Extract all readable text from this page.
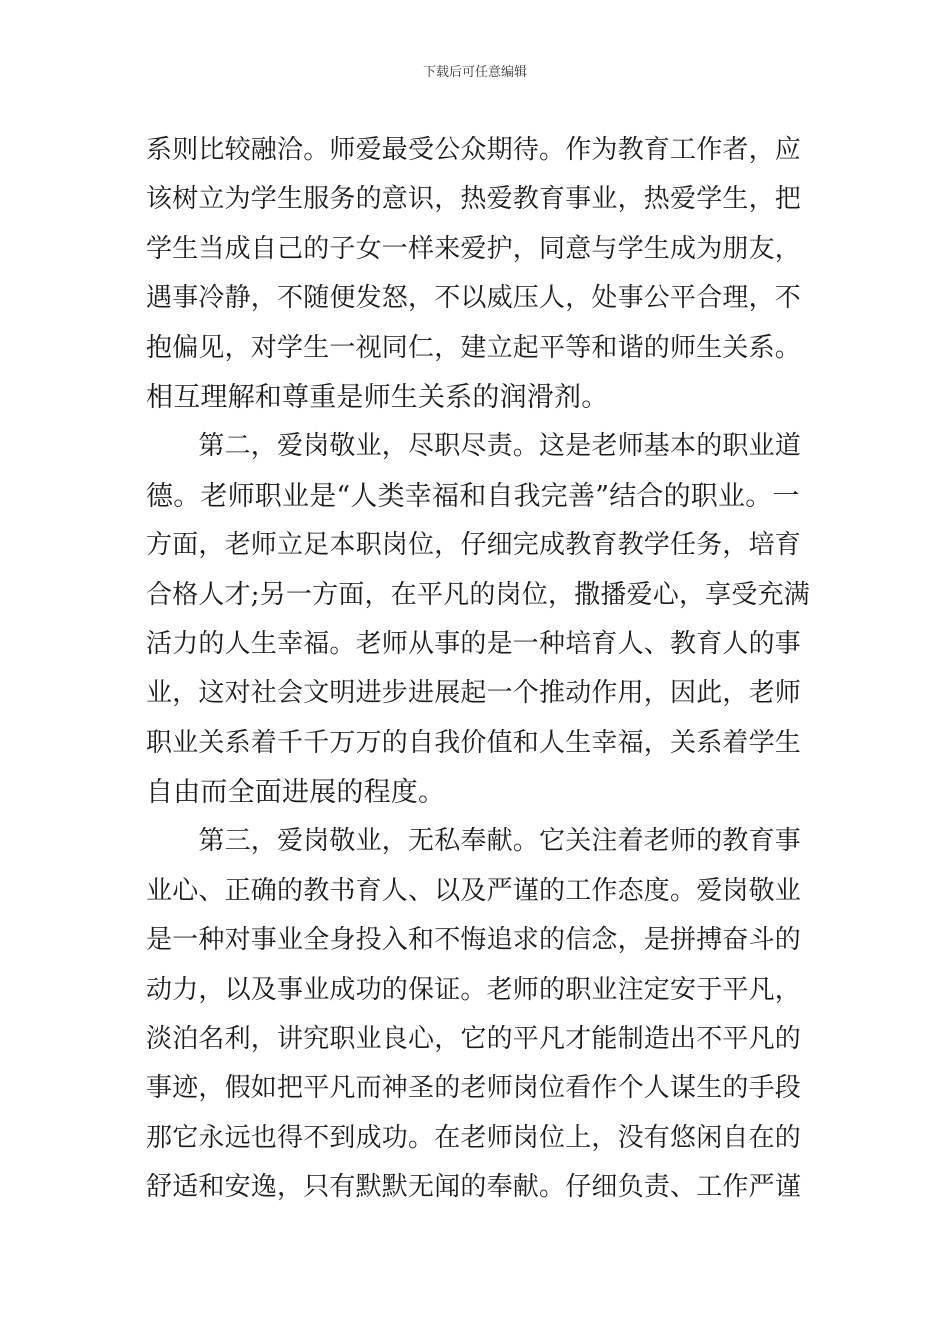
下载后可任意编辑
系则比较融洽。师爱最受公众期待。作为教育工作者，应
该树立为学生服务的意识，热爱教育事业，热爱学生，把
学生当成自己的子女一样来爱护，同意与学生成为朋友，
遇事冷静，不随便发怒，不以威压人，处事公平合理，不
抱偏见，对学生一视同仁，建立起平等和谐的师生关系。
相互理解和尊重是师生关系的润滑剂。
　　第二，爱岗敬业，尽职尽责。这是老师基本的职业道
德。老师职业是“人类幸福和自我完善”结合的职业。一
方面，老师立足本职岗位，仔细完成教育教学任务，培育
合格人才;另一方面，在平凡的岗位，撒播爱心，享受充满
活力的人生幸福。老师从事的是一种培育人、教育人的事
业，这对社会文明进步进展起一个推动作用，因此，老师
职业关系着千千万万的自我价值和人生幸福，关系着学生
自由而全面进展的程度。
　　第三，爱岗敬业，无私奉献。它关注着老师的教育事
业心、正确的教书育人、以及严谨的工作态度。爱岗敬业
是一种对事业全身投入和不悔追求的信念，是拼搏奋斗的
动力，以及事业成功的保证。老师的职业注定安于平凡，
淡泊名利，讲究职业良心，它的平凡才能制造出不平凡的
事迹，假如把平凡而神圣的老师岗位看作个人谋生的手段
那它永远也得不到成功。在老师岗位上，没有悠闲自在的
舒适和安逸，只有默默无闻的奉献。仔细负责、工作严谨
